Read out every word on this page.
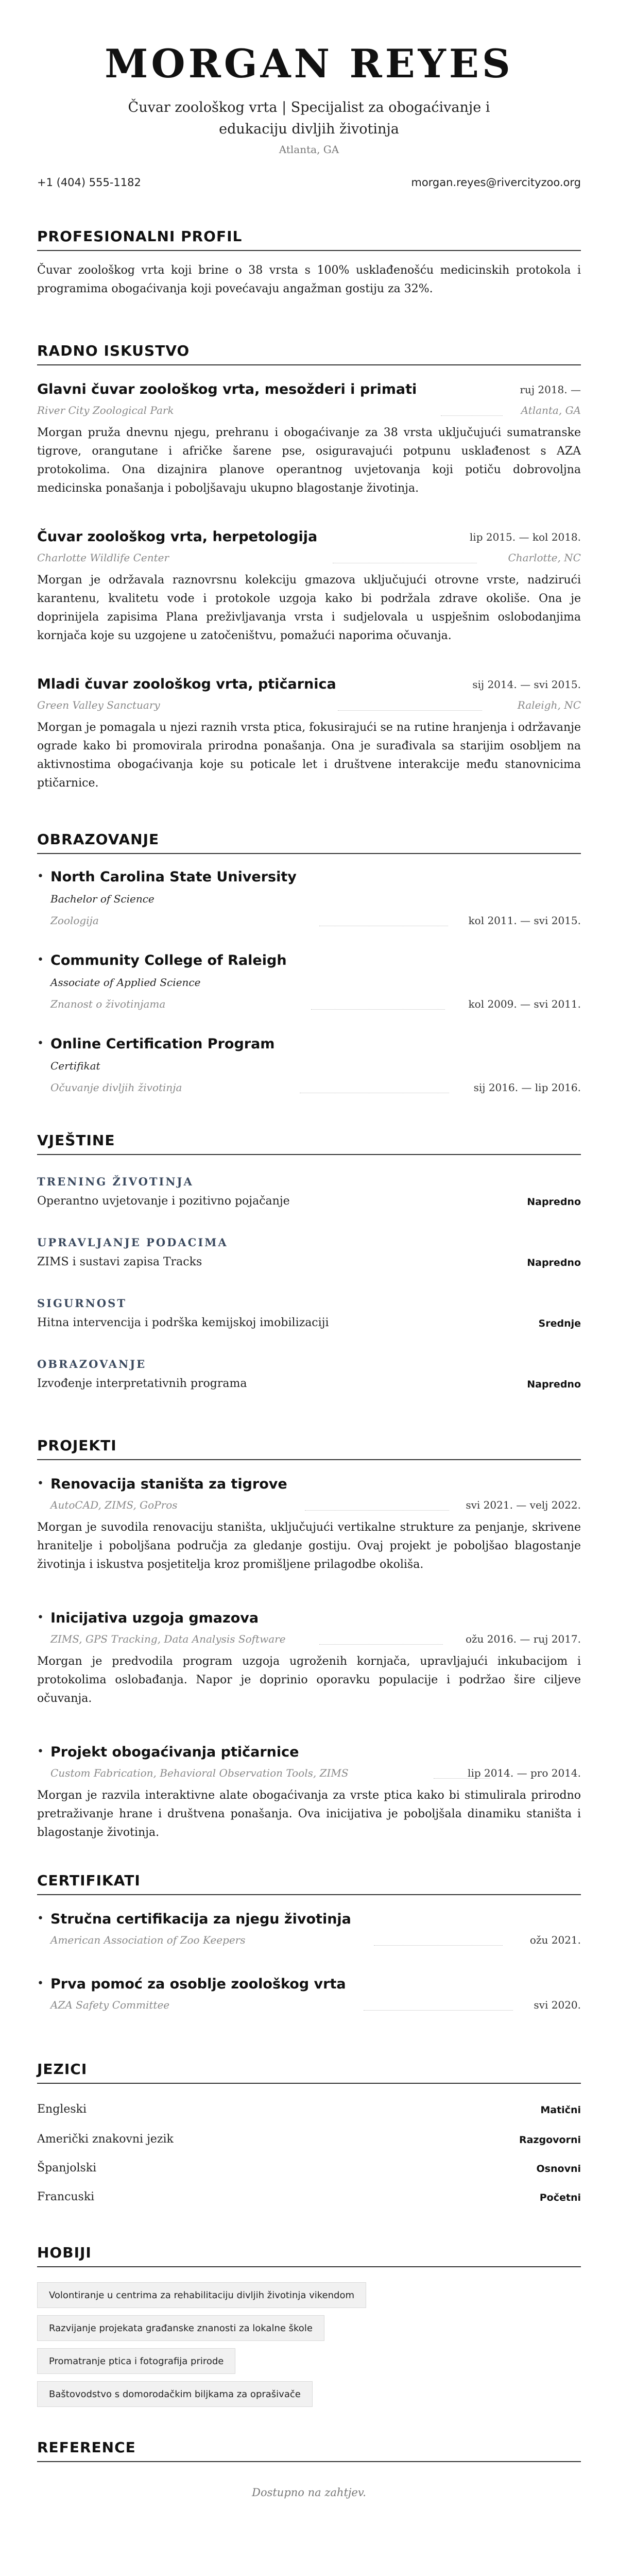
MORGAN REYES
Čuvar zoološkog vrta | Specijalist za obogaćivanje i edukaciju divljih životinja
Atlanta, GA
+1 (404) 555-1182	morgan.reyes@rivercityzoo.org
PROFESIONALNI PROFIL
Čuvar zoološkog vrta koji brine o 38 vrsta s 100% usklađenošću medicinskih protokola i programima obogaćivanja koji povećavaju angažman gostiju za 32%.
RADNO ISKUSTVO
Glavni čuvar zoološkog vrta, mesožderi i primati	ruj 2018. —
River City Zoological Park	Atlanta, GA
Morgan pruža dnevnu njegu, prehranu i obogaćivanje za 38 vrsta uključujući sumatranske tigrove, orangutane i afričke šarene pse, osiguravajući potpunu usklađenost s AZA protokolima. Ona dizajnira planove operantnog uvjetovanja koji potiču dobrovoljna medicinska ponašanja i poboljšavaju ukupno blagostanje životinja.
Čuvar zoološkog vrta, herpetologija	lip 2015. — kol 2018.
Charlotte Wildlife Center	Charlotte, NC
Morgan je održavala raznovrsnu kolekciju gmazova uključujući otrovne vrste, nadzirući karantenu, kvalitetu vode i protokole uzgoja kako bi podržala zdrave okoliše. Ona je doprinijela zapisima Plana preživljavanja vrsta i sudjelovala u uspješnim oslobodanjima kornjača koje su uzgojene u zatočeništvu, pomažući naporima očuvanja.
Mladi čuvar zoološkog vrta, ptičarnica	sij 2014. — svi 2015.
Green Valley Sanctuary	Raleigh, NC
Morgan je pomagala u njezi raznih vrsta ptica, fokusirajući se na rutine hranjenja i održavanje ograde kako bi promovirala prirodna ponašanja. Ona je surađivala sa starijim osobljem na aktivnostima obogaćivanja koje su poticale let i društvene interakcije među stanovnicima ptičarnice.
OBRAZOVANJE
• North Carolina State University
Bachelor of Science
Zoologija	kol 2011. — svi 2015.
• Community College of Raleigh
Associate of Applied Science
Znanost o životinjama	kol 2009. — svi 2011.
• Online Certification Program
Certifikat
Očuvanje divljih životinja	sij 2016. — lip 2016.
VJEŠTINE
TRENING ŽIVOTINJA
Operantno uvjetovanje i pozitivno pojačanje	Napredno
UPRAVLJANJE PODACIMA
ZIMS i sustavi zapisa Tracks	Napredno
SIGURNOST
Hitna intervencija i podrška kemijskoj imobilizaciji	Srednje
OBRAZOVANJE
Izvođenje interpretativnih programa	Napredno
PROJEKTI
• Renovacija staništa za tigrove
AutoCAD, ZIMS, GoPros	svi 2021. — velj 2022.
Morgan je suvodila renovaciju staništa, uključujući vertikalne strukture za penjanje, skrivene hranitelje i poboljšana područja za gledanje gostiju. Ovaj projekt je poboljšao blagostanje životinja i iskustva posjetitelja kroz promišljene prilagodbe okoliša.
• Inicijativa uzgoja gmazova
ZIMS, GPS Tracking, Data Analysis Software	ožu 2016. — ruj 2017.
Morgan je predvodila program uzgoja ugroženih kornjača, upravljajući inkubacijom i protokolima oslobađanja. Napor je doprinio oporavku populacije i podržao šire ciljeve očuvanja.
• Projekt obogaćivanja ptičarnice
Custom Fabrication, Behavioral Observation Tools, ZIMS	lip 2014. — pro 2014.
Morgan je razvila interaktivne alate obogaćivanja za vrste ptica kako bi stimulirala prirodno pretraživanje hrane i društvena ponašanja. Ova inicijativa je poboljšala dinamiku staništa i blagostanje životinja.
CERTIFIKATI
• Stručna certifikacija za njegu životinja
American Association of Zoo Keepers	ožu 2021.
• Prva pomoć za osoblje zoološkog vrta
AZA Safety Committee	svi 2020.
JEZICI
Engleski	Matični
Američki znakovni jezik	Razgovorni
Španjolski	Osnovni
Francuski	Početni
HOBIJI
Volontiranje u centrima za rehabilitaciju divljih životinja vikendom
Razvijanje projekata građanske znanosti za lokalne škole
Promatranje ptica i fotografija prirode
Baštovodstvo s domorodačkim biljkama za oprašivače
REFERENCE
Dostupno na zahtjev.
